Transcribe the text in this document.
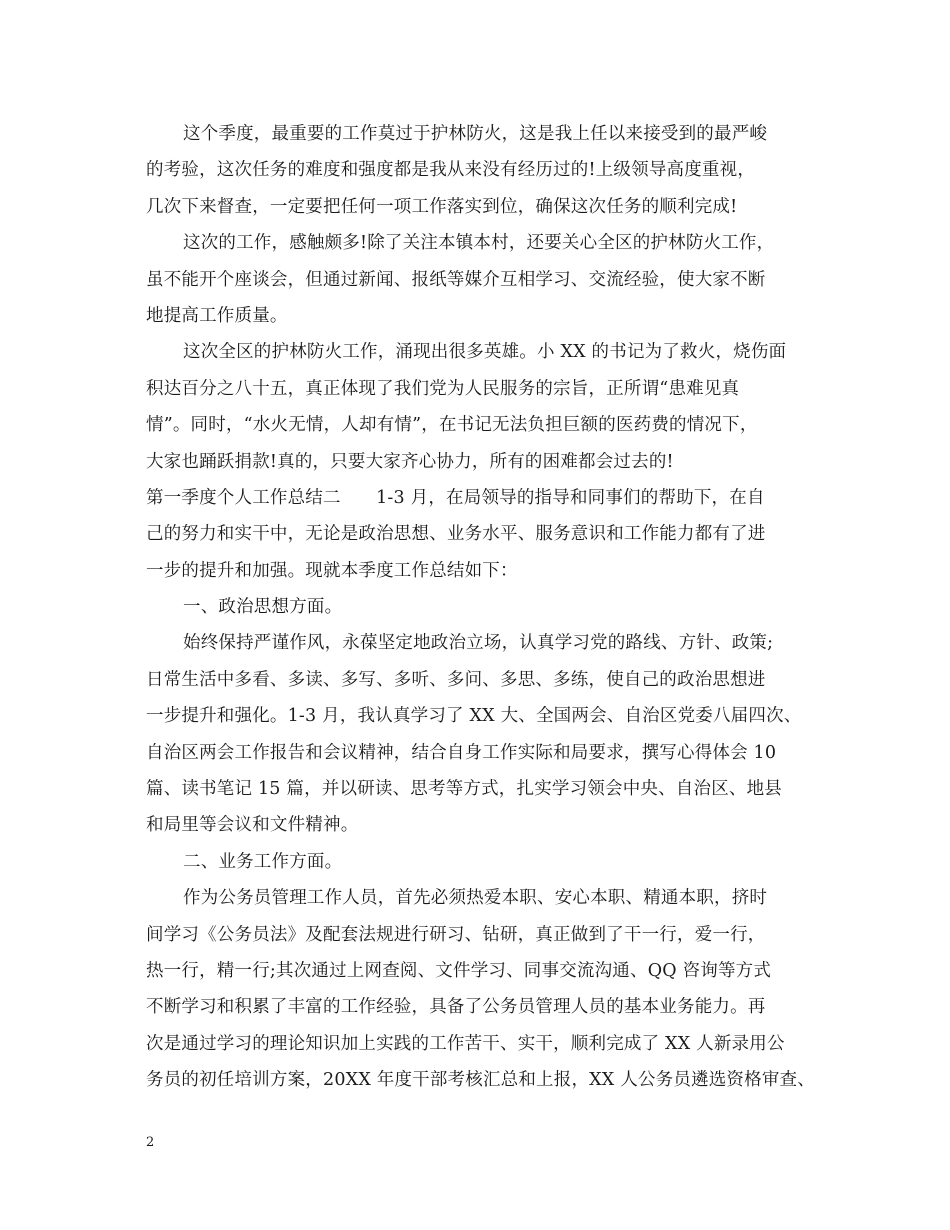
这个季度，最重要的工作莫过于护林防火，这是我上任以来接受到的最严峻
的考验，这次任务的难度和强度都是我从来没有经历过的!上级领导高度重视，
几次下来督查，一定要把任何一项工作落实到位，确保这次任务的顺利完成!
这次的工作，感触颇多!除了关注本镇本村，还要关心全区的护林防火工作，
虽不能开个座谈会，但通过新闻、报纸等媒介互相学习、交流经验，使大家不断
地提高工作质量。
这次全区的护林防火工作，涌现出很多英雄。小 XX 的书记为了救火，烧伤面
积达百分之八十五，真正体现了我们党为人民服务的宗旨，正所谓“患难见真
情”。同时，“水火无情，人却有情”，在书记无法负担巨额的医药费的情况下，
大家也踊跃捐款!真的，只要大家齐心协力，所有的困难都会过去的!
第一季度个人工作总结二　　1-3 月，在局领导的指导和同事们的帮助下，在自
己的努力和实干中，无论是政治思想、业务水平、服务意识和工作能力都有了进
一步的提升和加强。现就本季度工作总结如下：
一、政治思想方面。
始终保持严谨作风，永葆坚定地政治立场，认真学习党的路线、方针、政策;
日常生活中多看、多读、多写、多听、多问、多思、多练，使自己的政治思想进
一步提升和强化。1-3 月，我认真学习了 XX 大、全国两会、自治区党委八届四次、
自治区两会工作报告和会议精神，结合自身工作实际和局要求，撰写心得体会 10
篇、读书笔记 15 篇，并以研读、思考等方式，扎实学习领会中央、自治区、地县
和局里等会议和文件精神。
二、业务工作方面。
作为公务员管理工作人员，首先必须热爱本职、安心本职、精通本职，挤时
间学习《公务员法》及配套法规进行研习、钻研，真正做到了干一行，爱一行，
热一行，精一行;其次通过上网查阅、文件学习、同事交流沟通、QQ 咨询等方式
不断学习和积累了丰富的工作经验，具备了公务员管理人员的基本业务能力。再
次是通过学习的理论知识加上实践的工作苦干、实干，顺利完成了 XX 人新录用公
务员的初任培训方案，20XX 年度干部考核汇总和上报，XX 人公务员遴选资格审查、
2
